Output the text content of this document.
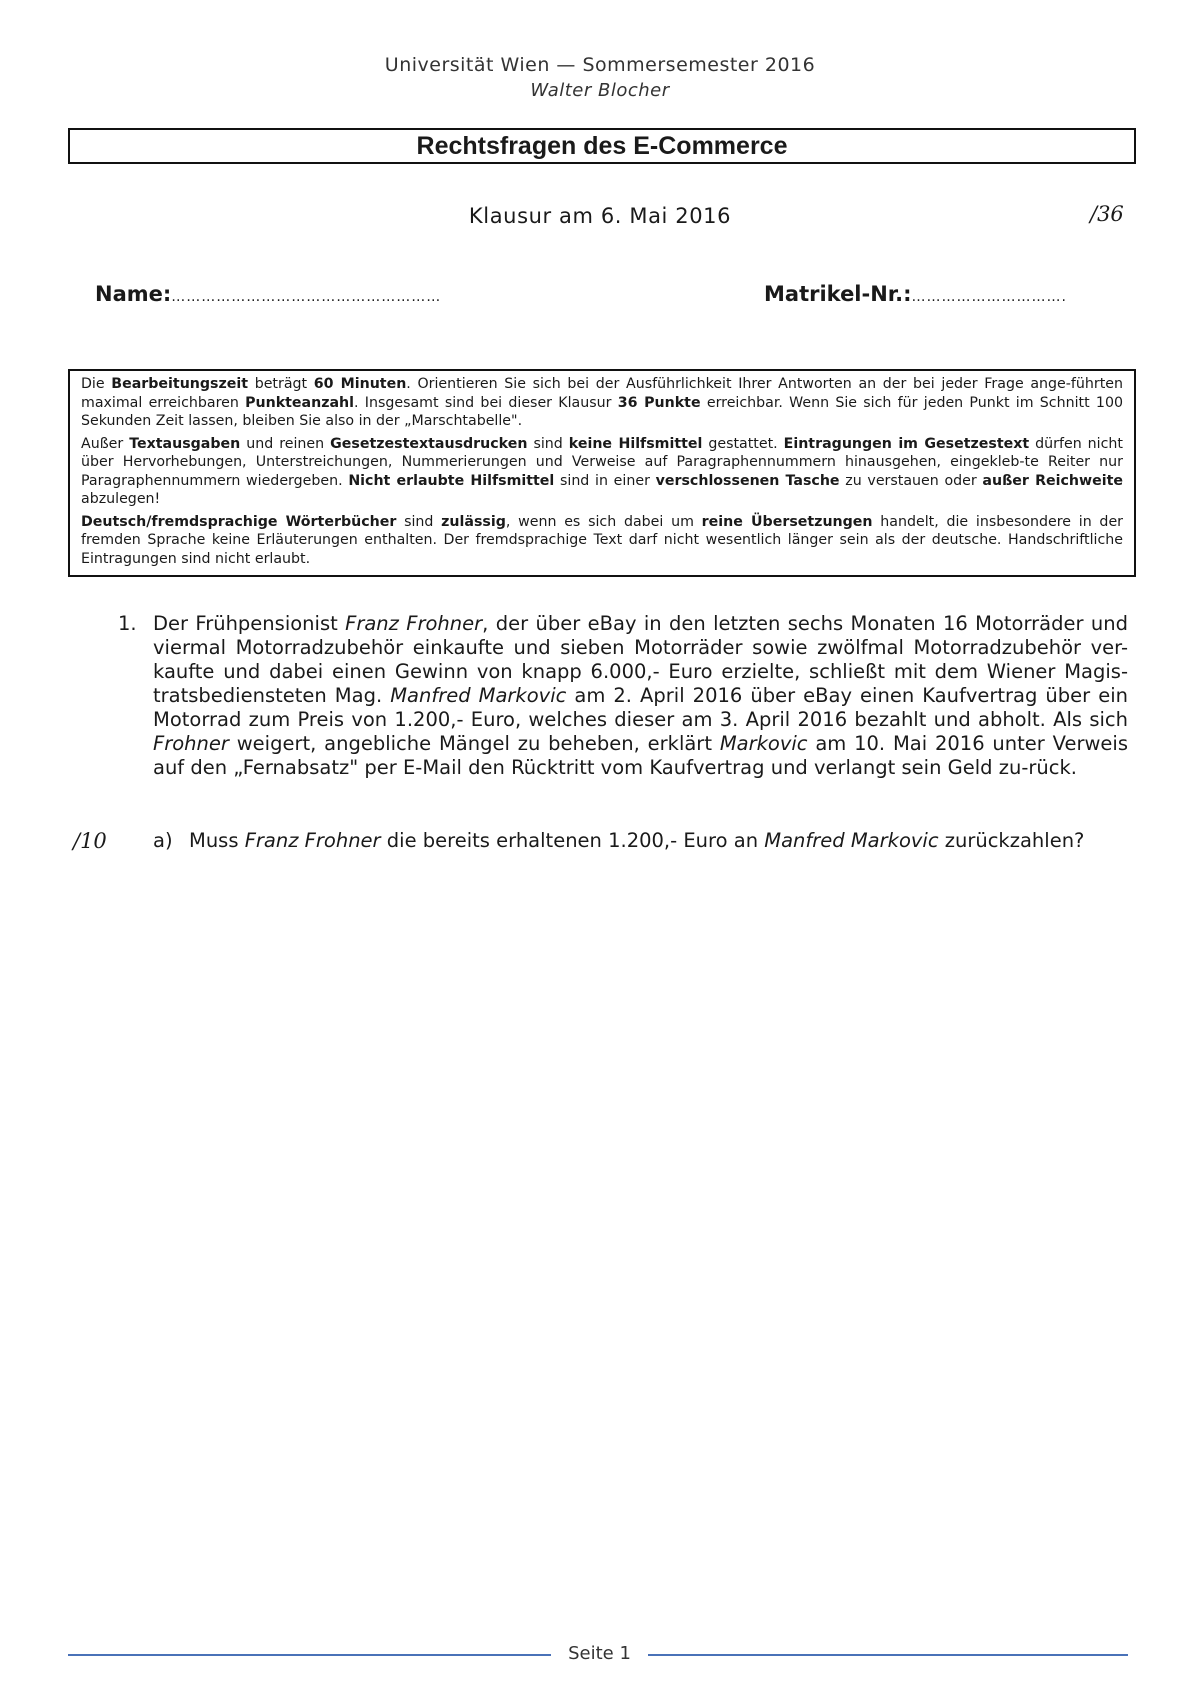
Universität Wien — Sommersemester 2016
Walter Blocher
Rechtsfragen des E-Commerce
Klausur am 6. Mai 2016	/36
Name:………………………………………………	Matrikel-Nr.:………………………….

Die Bearbeitungszeit beträgt 60 Minuten. Orientieren Sie sich bei der Ausführlichkeit Ihrer Antworten an der bei jeder Frage ange-führten maximal erreichbaren Punkteanzahl. Insgesamt sind bei dieser Klausur 36 Punkte erreichbar. Wenn Sie sich für jeden Punkt im Schnitt 100 Sekunden Zeit lassen, bleiben Sie also in der „Marschtabelle".

Außer Textausgaben und reinen Gesetzestextausdrucken sind keine Hilfsmittel gestattet. Eintragungen im Gesetzestext dürfen nicht über Hervorhebungen, Unterstreichungen, Nummerierungen und Verweise auf Paragraphennummern hinausgehen, eingekleb-te Reiter nur Paragraphennummern wiedergeben. Nicht erlaubte Hilfsmittel sind in einer verschlossenen Tasche zu verstauen oder außer Reichweite abzulegen!

Deutsch/fremdsprachige Wörterbücher sind zulässig, wenn es sich dabei um reine Übersetzungen handelt, die insbesondere in der fremden Sprache keine Erläuterungen enthalten. Der fremdsprachige Text darf nicht wesentlich länger sein als der deutsche. Handschriftliche Eintragungen sind nicht erlaubt.

1. Der Frühpensionist Franz Frohner, der über eBay in den letzten sechs Monaten 16 Motorräder und viermal Motorradzubehör einkaufte und sieben Motorräder sowie zwölfmal Motorradzubehör ver-kaufte und dabei einen Gewinn von knapp 6.000,- Euro erzielte, schließt mit dem Wiener Magis-tratsbediensteten Mag. Manfred Markovic am 2. April 2016 über eBay einen Kaufvertrag über ein Motorrad zum Preis von 1.200,- Euro, welches dieser am 3. April 2016 bezahlt und abholt. Als sich Frohner weigert, angebliche Mängel zu beheben, erklärt Markovic am 10. Mai 2016 unter Verweis auf den „Fernabsatz" per E-Mail den Rücktritt vom Kaufvertrag und verlangt sein Geld zu-rück.
/10 a) Muss Franz Frohner die bereits erhaltenen 1.200,- Euro an Manfred Markovic zurückzahlen?
Seite 1
